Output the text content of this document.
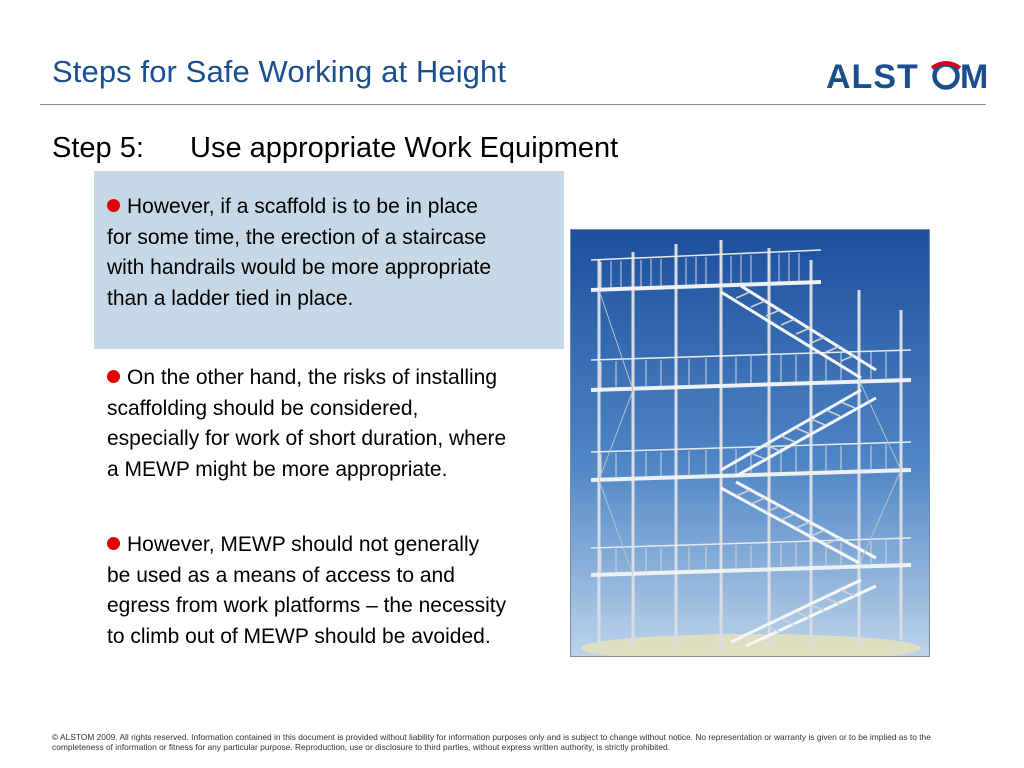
Steps for Safe Working at Height	ALST M
Step 5: Use appropriate Work Equipment
However, if a scaffold is to be in place for some time, the erection of a staircase with handrails would be more appropriate than a ladder tied in place.
On the other hand, the risks of installing scaffolding should be considered, especially for work of short duration, where a MEWP might be more appropriate.
However, MEWP should not generally be used as a means of access to and egress from work platforms – the necessity to climb out of MEWP should be avoided.
© ALSTOM 2009. All rights reserved. Information contained in this document is provided without liability for information purposes only and is subject to change without notice. No representation or warranty is given or to be implied as to the completeness of information or fitness for any particular purpose. Reproduction, use or disclosure to third parties, without express written authority, is strictly prohibited.
